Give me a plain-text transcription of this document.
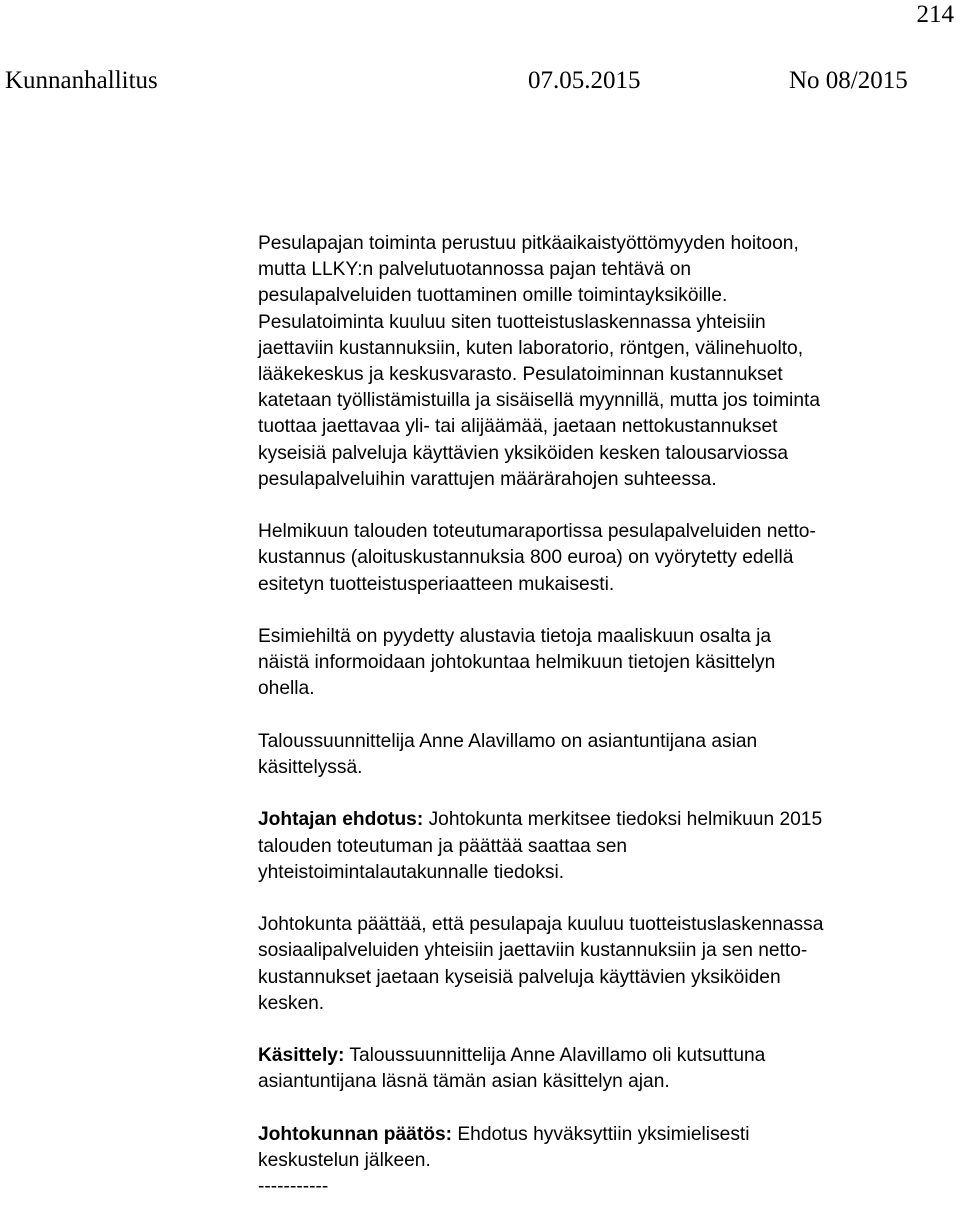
214
Kunnanhallitus	07.05.2015	No 08/2015

Pesulapajan toiminta perustuu pitkäaikaistyöttömyyden hoitoon,
mutta LLKY:n palvelutuotannossa pajan tehtävä on
pesulapalveluiden tuottaminen omille toimintayksiköille.
Pesulatoiminta kuuluu siten tuotteistuslaskennassa yhteisiin
jaettaviin kustannuksiin, kuten laboratorio, röntgen, välinehuolto,
lääkekeskus ja keskusvarasto. Pesulatoiminnan kustannukset
katetaan työllistämistuilla ja sisäisellä myynnillä, mutta jos toiminta
tuottaa jaettavaa yli- tai alijäämää, jaetaan nettokustannukset
kyseisiä palveluja käyttävien yksiköiden kesken talousarviossa
pesulapalveluihin varattujen määrärahojen suhteessa.

Helmikuun talouden toteutumaraportissa pesulapalveluiden netto-
kustannus (aloituskustannuksia 800 euroa) on vyörytetty edellä
esitetyn tuotteistusperiaatteen mukaisesti.

Esimiehiltä on pyydetty alustavia tietoja maaliskuun osalta ja
näistä informoidaan johtokuntaa helmikuun tietojen käsittelyn
ohella.

Taloussuunnittelija Anne Alavillamo on asiantuntijana asian
käsittelyssä.

Johtajan ehdotus: Johtokunta merkitsee tiedoksi helmikuun 2015
talouden toteutuman ja päättää saattaa sen
yhteistoimintalautakunnalle tiedoksi.

Johtokunta päättää, että pesulapaja kuuluu tuotteistuslaskennassa
sosiaalipalveluiden yhteisiin jaettaviin kustannuksiin ja sen netto-
kustannukset jaetaan kyseisiä palveluja käyttävien yksiköiden
kesken.

Käsittely: Taloussuunnittelija Anne Alavillamo oli kutsuttuna
asiantuntijana läsnä tämän asian käsittelyn ajan.

Johtokunnan päätös: Ehdotus hyväksyttiin yksimielisesti
keskustelun jälkeen.
-----------
